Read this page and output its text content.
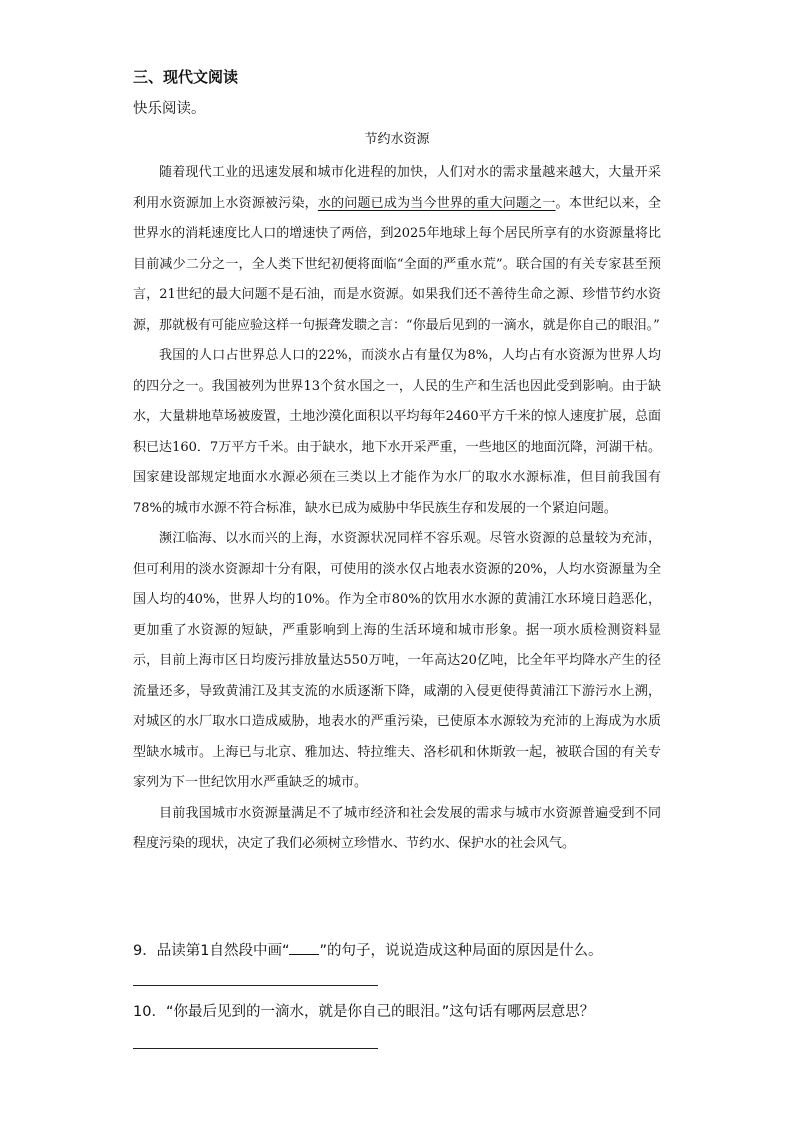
三、现代文阅读
快乐阅读。
节约水资源

随着现代工业的迅速发展和城市化进程的加快，人们对水的需求量越来越大，大量开采利用水资源加上水资源被污染，水的问题已成为当今世界的重大问题之一。本世纪以来，全世界水的消耗速度比人口的增速快了两倍，到2025年地球上每个居民所享有的水资源量将比目前减少二分之一，全人类下世纪初便将面临“全面的严重水荒”。联合国的有关专家甚至预言，21世纪的最大问题不是石油，而是水资源。如果我们还不善待生命之源、珍惜节约水资源，那就极有可能应验这样一句振聋发聩之言：“你最后见到的一滴水，就是你自己的眼泪。”

我国的人口占世界总人口的22%，而淡水占有量仅为8%，人均占有水资源为世界人均的四分之一。我国被列为世界13个贫水国之一，人民的生产和生活也因此受到影响。由于缺水，大量耕地草场被废置，土地沙漠化面积以平均每年2460平方千米的惊人速度扩展，总面积已达160．7万平方千米。由于缺水，地下水开采严重，一些地区的地面沉降，河湖干枯。国家建设部规定地面水水源必须在三类以上才能作为水厂的取水水源标准，但目前我国有78%的城市水源不符合标准，缺水已成为威胁中华民族生存和发展的一个紧迫问题。

濒江临海、以水而兴的上海，水资源状况同样不容乐观。尽管水资源的总量较为充沛，但可利用的淡水资源却十分有限，可使用的淡水仅占地表水资源的20%，人均水资源量为全国人均的40%，世界人均的10%。作为全市80%的饮用水水源的黄浦江水环境日趋恶化，更加重了水资源的短缺，严重影响到上海的生活环境和城市形象。据一项水质检测资料显示，目前上海市区日均废污排放量达550万吨，一年高达20亿吨，比全年平均降水产生的径流量还多，导致黄浦江及其支流的水质逐渐下降，咸潮的入侵更使得黄浦江下游污水上溯，对城区的水厂取水口造成威胁，地表水的严重污染，已使原本水源较为充沛的上海成为水质型缺水城市。上海已与北京、雅加达、特拉维夫、洛杉矶和休斯敦一起，被联合国的有关专家列为下一世纪饮用水严重缺乏的城市。

目前我国城市水资源量满足不了城市经济和社会发展的需求与城市水资源普遍受到不同程度污染的现状，决定了我们必须树立珍惜水、节约水、保护水的社会风气。

9．品读第1自然段中画“ ”的句子，说说造成这种局面的原因是什么。
10．“你最后见到的一滴水，就是你自己的眼泪。”这句话有哪两层意思？
